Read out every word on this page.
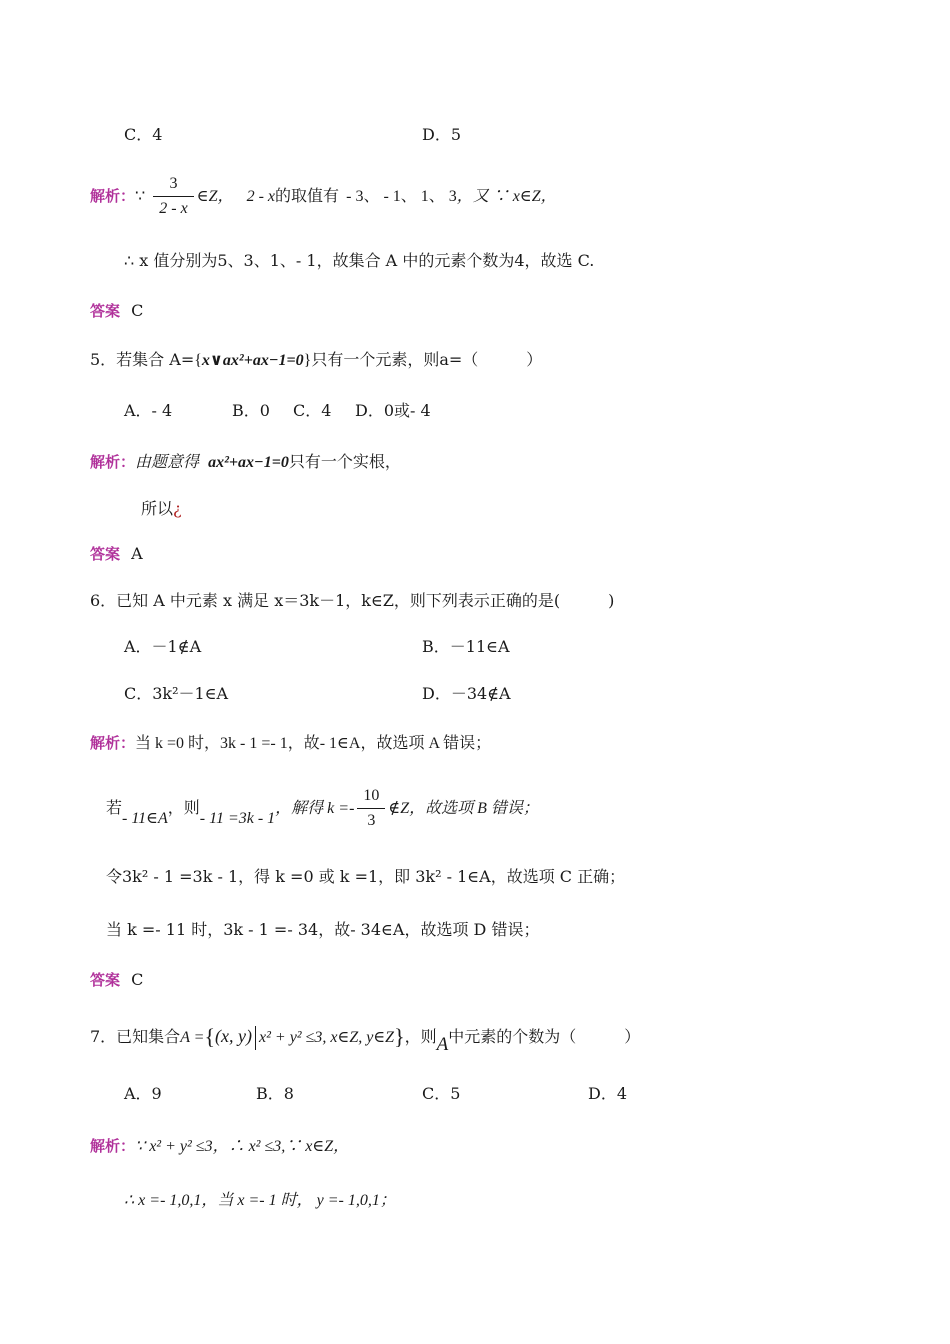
C．4	D．5
解析：∵ $\frac{3}{2 - x}$ ∈Z， 2 - x的取值有 - 3、 - 1、 1、 3，又 ∵ x∈Z，
∴ x 值分别为5、3、1、- 1，故集合 A 中的元素个数为4，故选 C.
答案 C
5．若集合 A={x∨ax²+ax−1=0}只有一个元素，则a=（　　　）
A．- 4	B．0 C．4 D．0或- 4
解析：由题意得 ax²+ax−1=0只有一个实根，
所以¿
答案 A
6．已知 A 中元素 x 满足 x＝3k－1，k∈Z，则下列表示正确的是(　　　)
A．－1∉A	B．－11∈A
C．3k²－1∈A	D．－34∉A
解析：当 k =0 时，3k - 1 =- 1，故- 1∈A，故选项 A 错误；
若- 11∈A，则- 11 =3k - 1，解得 $k =- \frac{10}{3}$ ∉Z，故选项 B 错误；
令3k² - 1 =3k - 1，得 k =0 或 k =1，即 3k² - 1∈A，故选项 C 正确；
当 k =- 11 时，3k - 1 =- 34，故- 34∈A，故选项 D 错误；
答案 C
7．已知集合A ={(x, y) x² + y² ≤3, x∈Z, y∈Z}，则A中元素的个数为（　　　）
A．9	B．8	C．5	D．4
解析：∵ x² + y² ≤3，∴ x² ≤3,∵ x∈Z，
∴ x =- 1,0,1，当 x =- 1 时， y =- 1,0,1；
